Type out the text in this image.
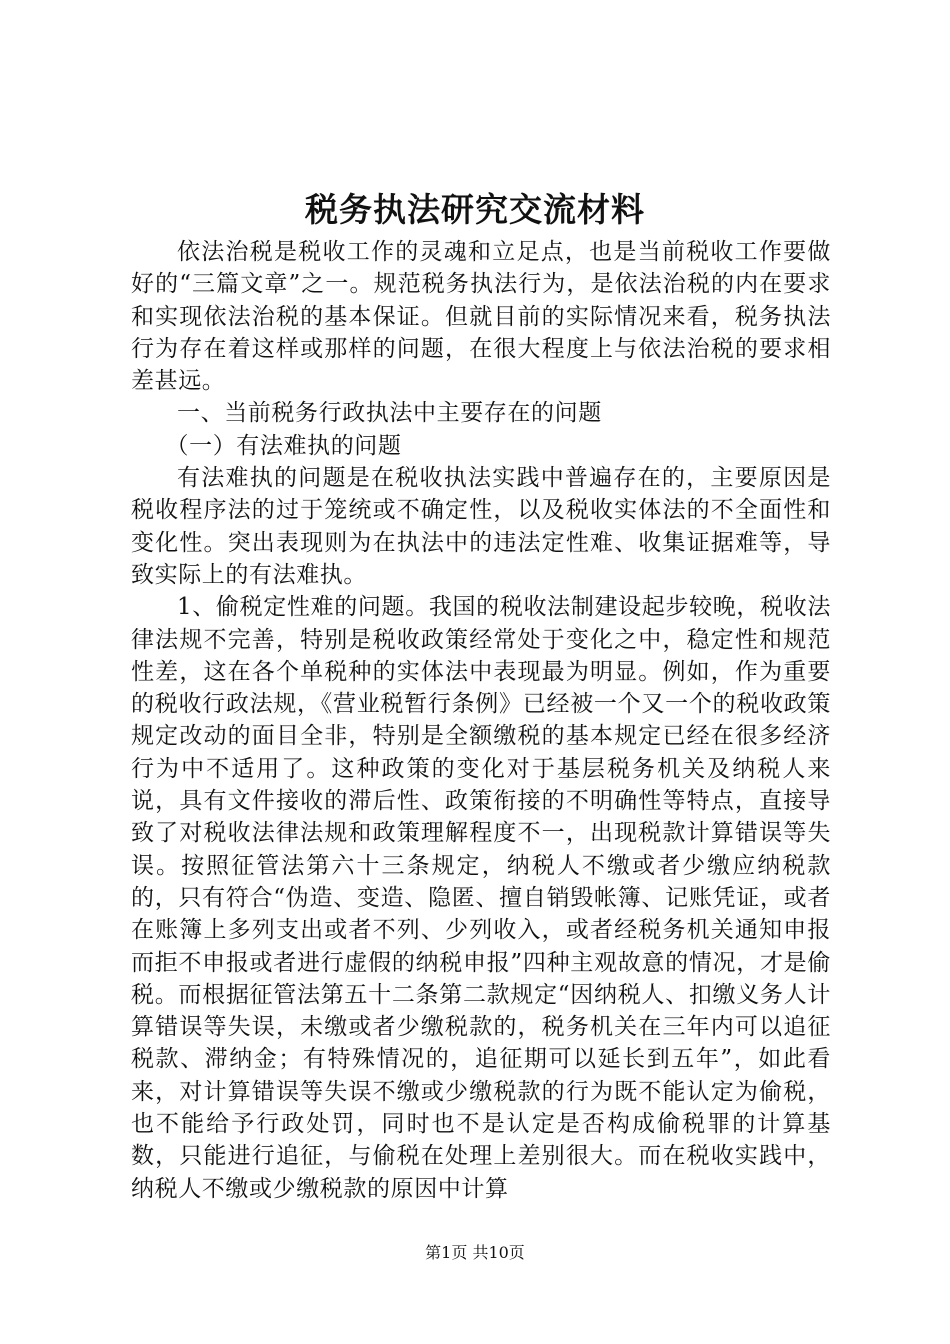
税务执法研究交流材料

依法治税是税收工作的灵魂和立足点，也是当前税收工作要做好的“三篇文章”之一。规范税务执法行为，是依法治税的内在要求和实现依法治税的基本保证。但就目前的实际情况来看，税务执法行为存在着这样或那样的问题，在很大程度上与依法治税的要求相差甚远。

一、当前税务行政执法中主要存在的问题

（一）有法难执的问题

有法难执的问题是在税收执法实践中普遍存在的，主要原因是税收程序法的过于笼统或不确定性，以及税收实体法的不全面性和变化性。突出表现则为在执法中的违法定性难、收集证据难等，导致实际上的有法难执。

1、偷税定性难的问题。我国的税收法制建设起步较晚，税收法律法规不完善，特别是税收政策经常处于变化之中，稳定性和规范性差，这在各个单税种的实体法中表现最为明显。例如，作为重要的税收行政法规，《营业税暂行条例》已经被一个又一个的税收政策规定改动的面目全非，特别是全额缴税的基本规定已经在很多经济行为中不适用了。这种政策的变化对于基层税务机关及纳税人来说，具有文件接收的滞后性、政策衔接的不明确性等特点，直接导致了对税收法律法规和政策理解程度不一，出现税款计算错误等失误。按照征管法第六十三条规定，纳税人不缴或者少缴应纳税款的，只有符合“伪造、变造、隐匿、擅自销毁帐簿、记账凭证，或者在账簿上多列支出或者不列、少列收入，或者经税务机关通知申报而拒不申报或者进行虚假的纳税申报”四种主观故意的情况，才是偷税。而根据征管法第五十二条第二款规定“因纳税人、扣缴义务人计算错误等失误，未缴或者少缴税款的，税务机关在三年内可以追征税款、滞纳金；有特殊情况的，追征期可以延长到五年”，如此看来，对计算错误等失误不缴或少缴税款的行为既不能认定为偷税，也不能给予行政处罚，同时也不是认定是否构成偷税罪的计算基数，只能进行追征，与偷税在处理上差别很大。而在税收实践中，纳税人不缴或少缴税款的原因中计算

第1页 共10页
